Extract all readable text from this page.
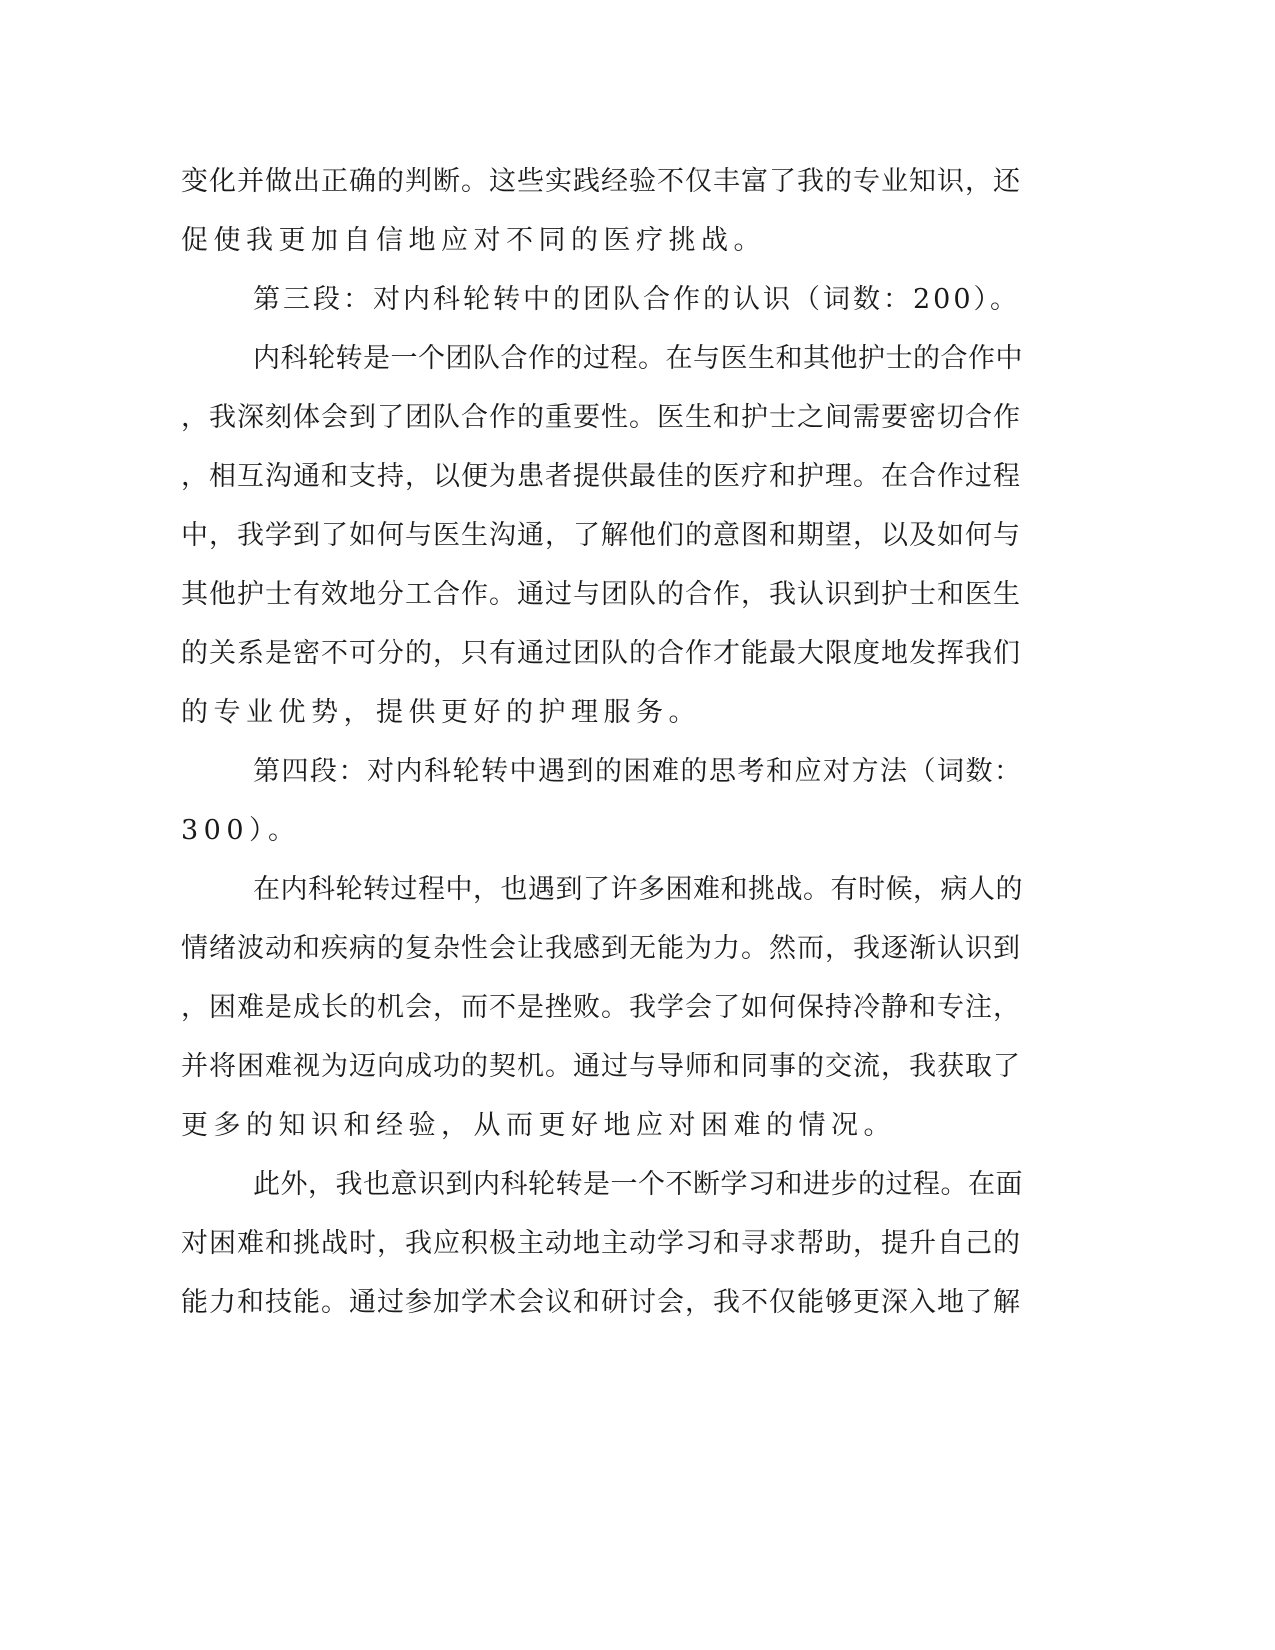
变化并做出正确的判断。这些实践经验不仅丰富了我的专业知识，还

促使我更加自信地应对不同的医疗挑战。

第三段：对内科轮转中的团队合作的认识（词数：200）。

内科轮转是一个团队合作的过程。在与医生和其他护士的合作中

，我深刻体会到了团队合作的重要性。医生和护士之间需要密切合作

，相互沟通和支持，以便为患者提供最佳的医疗和护理。在合作过程

中，我学到了如何与医生沟通，了解他们的意图和期望，以及如何与

其他护士有效地分工合作。通过与团队的合作，我认识到护士和医生

的关系是密不可分的，只有通过团队的合作才能最大限度地发挥我们

的专业优势，提供更好的护理服务。

第四段：对内科轮转中遇到的困难的思考和应对方法（词数：

300）。

在内科轮转过程中，也遇到了许多困难和挑战。有时候，病人的

情绪波动和疾病的复杂性会让我感到无能为力。然而，我逐渐认识到

，困难是成长的机会，而不是挫败。我学会了如何保持冷静和专注，

并将困难视为迈向成功的契机。通过与导师和同事的交流，我获取了

更多的知识和经验，从而更好地应对困难的情况。

此外，我也意识到内科轮转是一个不断学习和进步的过程。在面

对困难和挑战时，我应积极主动地主动学习和寻求帮助，提升自己的

能力和技能。通过参加学术会议和研讨会，我不仅能够更深入地了解
